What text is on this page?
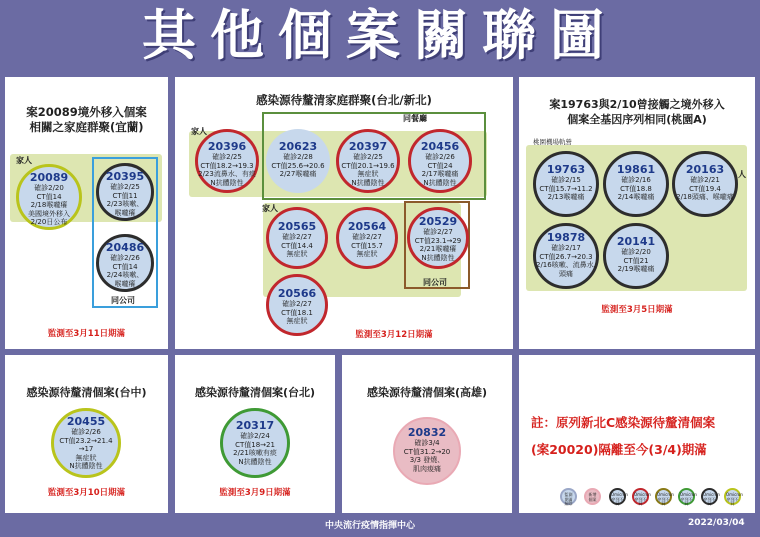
其他個案關聯圖
案20089境外移入個案
相關之家庭群聚(宜蘭)
家人
同公司
20089
確診2/20
CT值14
2/18喉嚨癢
美國境外移入
2/20日公布
20395
確診2/25
CT值11
2/23咳嗽、
喉嚨癢
20486
確診2/26
CT值14
2/24咳嗽、
喉嚨癢
監測至3月11日期滿
感染源待釐清家庭群聚(台北/新北)
家人
家人
同餐廳
同公司
20396
確診2/25
CT值18.2→19.3
2/23流鼻水、有痰
N抗體陰性
20623
確診2/28
CT值25.6→20.6
2/27喉嚨痛
20397
確診2/25
CT值20.1→19.6
無症狀
N抗體陰性
20456
確診2/26
CT值24
2/17喉嚨痛
N抗體陰性
20565
確診2/27
CT值14.4
無症狀
20564
確診2/27
CT值15.7
無症狀
20529
確診2/27
CT值23.1→29
2/21喉嚨癢
N抗體陰性
20566
確診2/27
CT值18.1
無症狀
監測至3月12日期滿
案19763與2/10曾接觸之境外移入
個案全基因序列相同(桃園A)
桃園機場軌營
人
19763
確診2/15
CT值15.7→11.2
2/13喉嚨痛
19861
確診2/16
CT值18.8
2/14喉嚨痛
20163
確診2/21
CT值19.4
2/18頭痛、喉嚨痛
19878
確診2/17
CT值26.7→20.3
2/16咳嗽、流鼻水、
頭痛
20141
確診2/20
CT值21
2/19喉嚨痛
監測至3月5日期滿
感染源待釐清個案(台中)
20455
確診2/26
CT值23.2→21.4
→17
無症狀
N抗體陰性
監測至3月10日期滿
感染源待釐清個案(台北)
20317
確診2/24
CT值18→21
2/21咳嗽有痰
N抗體陰性
監測至3月9日期滿
感染源待釐清個案(高雄)
20832
確診3/4
CT值31.2→20
3/3 發燒、
肌肉痠痛
註：原列新北C感染源待釐清個案
(案20020)隔離至今(3/4)期滿
監測
期滿
解除
新增
個案
Omicron
序列不同
Omicron
序列不同
Omicron
序列不同
Omicron
序列不同
Omicron
序列不同
Omicron
序列不同
中央流行疫情指揮中心	2022/03/04
